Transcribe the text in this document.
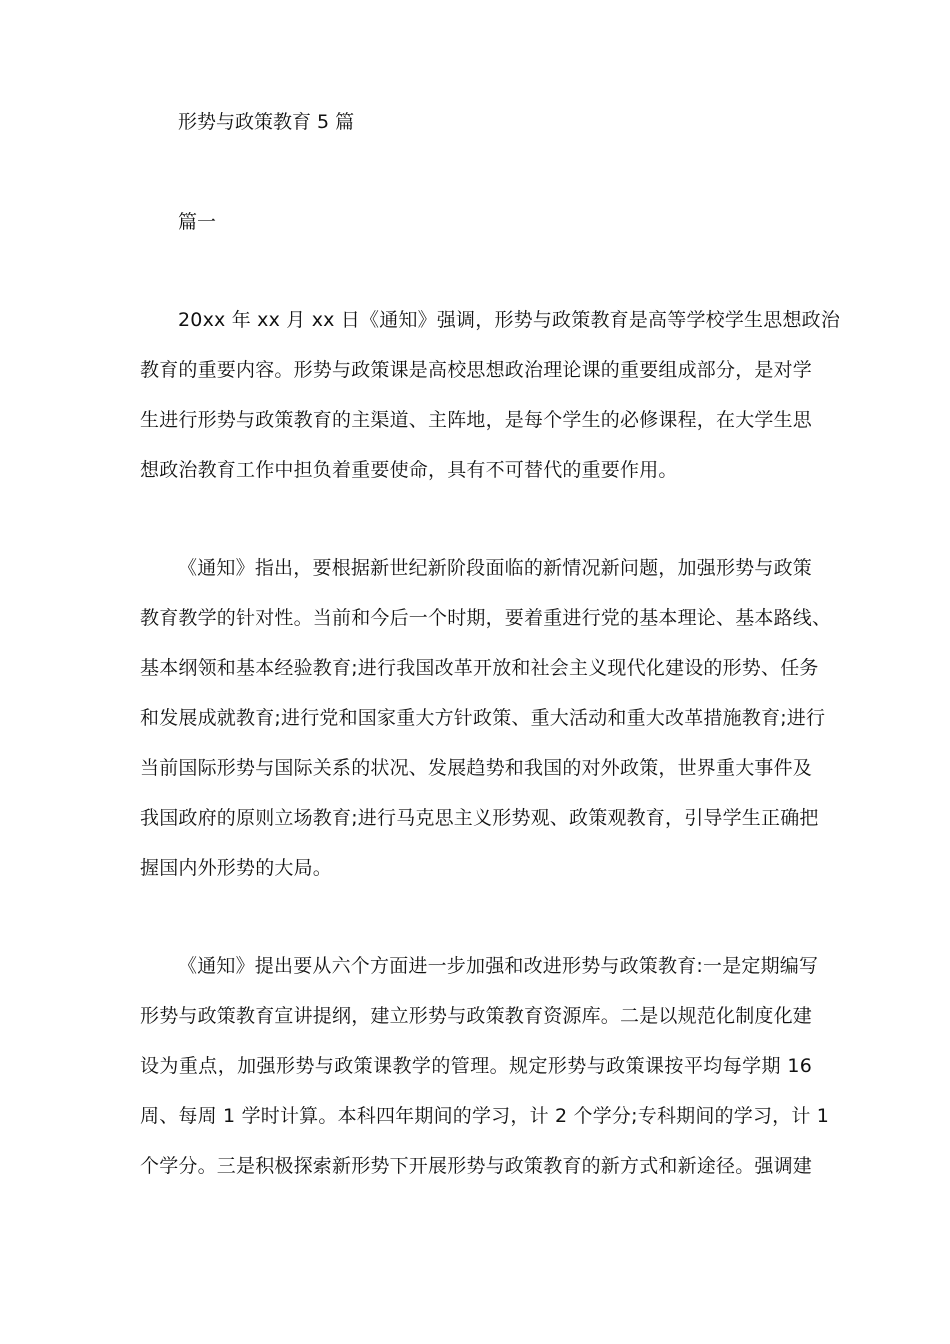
形势与政策教育 5 篇
篇一
20xx 年 xx 月 xx 日《通知》强调，形势与政策教育是高等学校学生思想政治
教育的重要内容。形势与政策课是高校思想政治理论课的重要组成部分，是对学
生进行形势与政策教育的主渠道、主阵地，是每个学生的必修课程，在大学生思
想政治教育工作中担负着重要使命，具有不可替代的重要作用。
《通知》指出，要根据新世纪新阶段面临的新情况新问题，加强形势与政策
教育教学的针对性。当前和今后一个时期，要着重进行党的基本理论、基本路线、
基本纲领和基本经验教育;进行我国改革开放和社会主义现代化建设的形势、任务
和发展成就教育;进行党和国家重大方针政策、重大活动和重大改革措施教育;进行
当前国际形势与国际关系的状况、发展趋势和我国的对外政策，世界重大事件及
我国政府的原则立场教育;进行马克思主义形势观、政策观教育，引导学生正确把
握国内外形势的大局。
《通知》提出要从六个方面进一步加强和改进形势与政策教育:一是定期编写
形势与政策教育宣讲提纲，建立形势与政策教育资源库。二是以规范化制度化建
设为重点，加强形势与政策课教学的管理。规定形势与政策课按平均每学期 16
周、每周 1 学时计算。本科四年期间的学习，计 2 个学分;专科期间的学习，计 1
个学分。三是积极探索新形势下开展形势与政策教育的新方式和新途径。强调建
